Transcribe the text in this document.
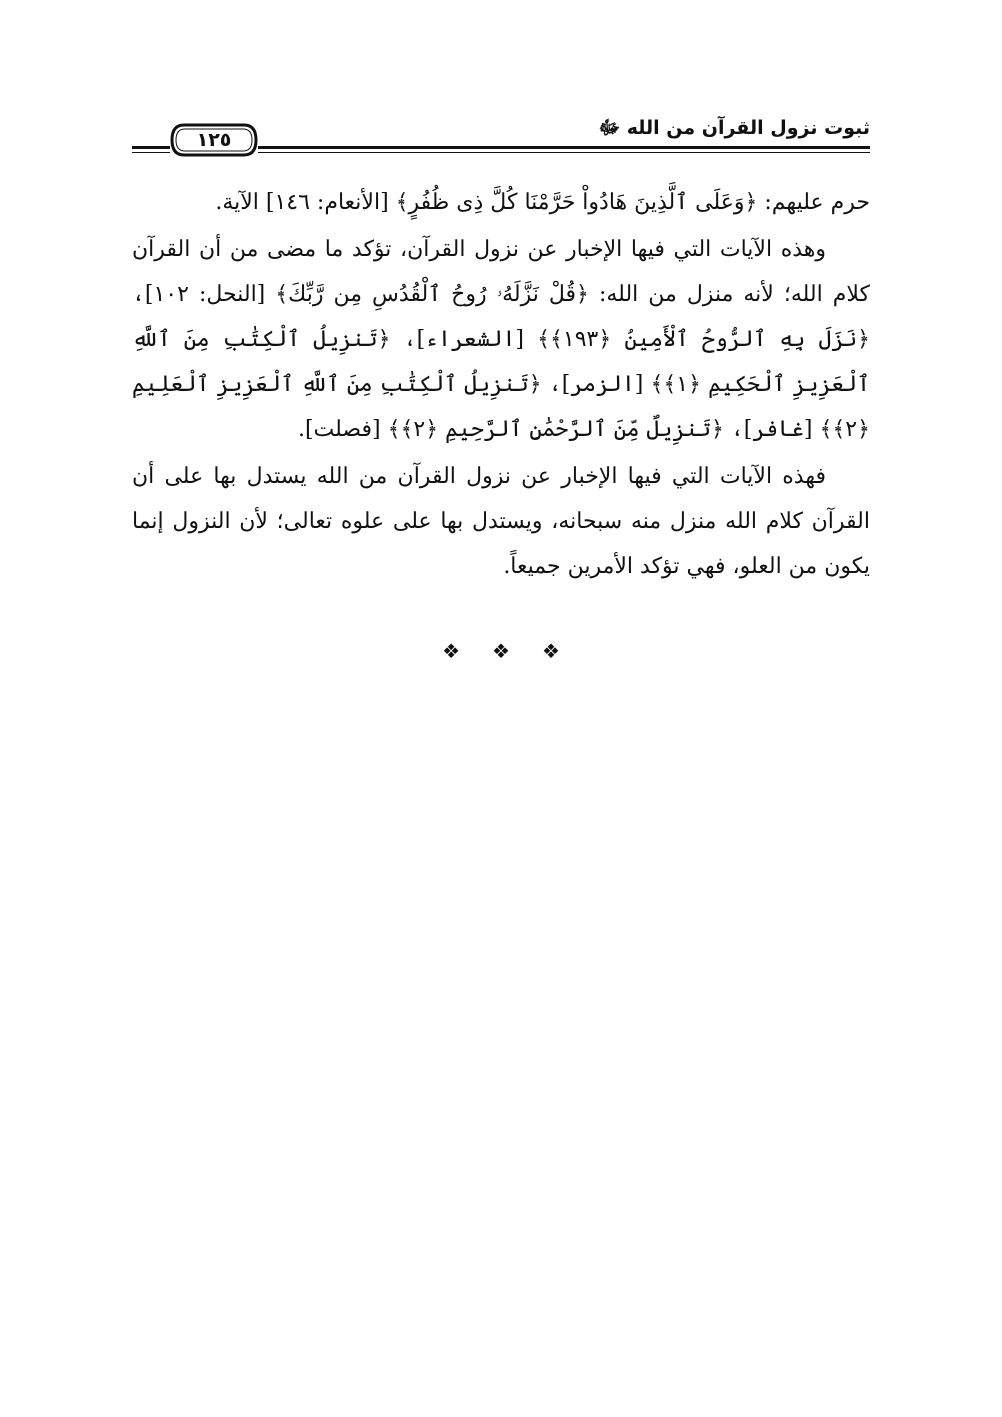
ثبوت نزول القرآن من الله ﷻ
١٢٥

حرم عليهم: ﴿وَعَلَى ٱلَّذِينَ هَادُواْ حَرَّمْنَا كُلَّ ذِى ظُفُرٍ﴾ [الأنعام: ١٤٦] الآية.

وهذه الآيات التي فيها الإخبار عن نزول القرآن، تؤكد ما مضى من أن القرآن كلام الله؛ لأنه منزل من الله: ﴿قُلْ نَزَّلَهُۥ رُوحُ ٱلْقُدُسِ مِن رَّبِّكَ﴾ [النحل: ١٠٢]، ﴿نَزَلَ بِهِ ٱلرُّوحُ ٱلْأَمِينُ ﴿١٩٣﴾﴾ [الشعراء]، ﴿تَنزِيلُ ٱلْكِتَٰبِ مِنَ ٱللَّهِ ٱلْعَزِيزِ ٱلْحَكِيمِ ﴿١﴾﴾ [الزمر]، ﴿تَنزِيلُ ٱلْكِتَٰبِ مِنَ ٱللَّهِ ٱلْعَزِيزِ ٱلْعَلِيمِ ﴿٢﴾﴾ [غافر]، ﴿تَنزِيلٌ مِّنَ ٱلرَّحْمَٰنِ ٱلرَّحِيمِ ﴿٢﴾﴾ [فصلت].

فهذه الآيات التي فيها الإخبار عن نزول القرآن من الله يستدل بها على أن القرآن كلام الله منزل منه سبحانه، ويستدل بها على علوه تعالى؛ لأن النزول إنما يكون من العلو، فهي تؤكد الأمرين جميعاً.

❖ ❖ ❖
